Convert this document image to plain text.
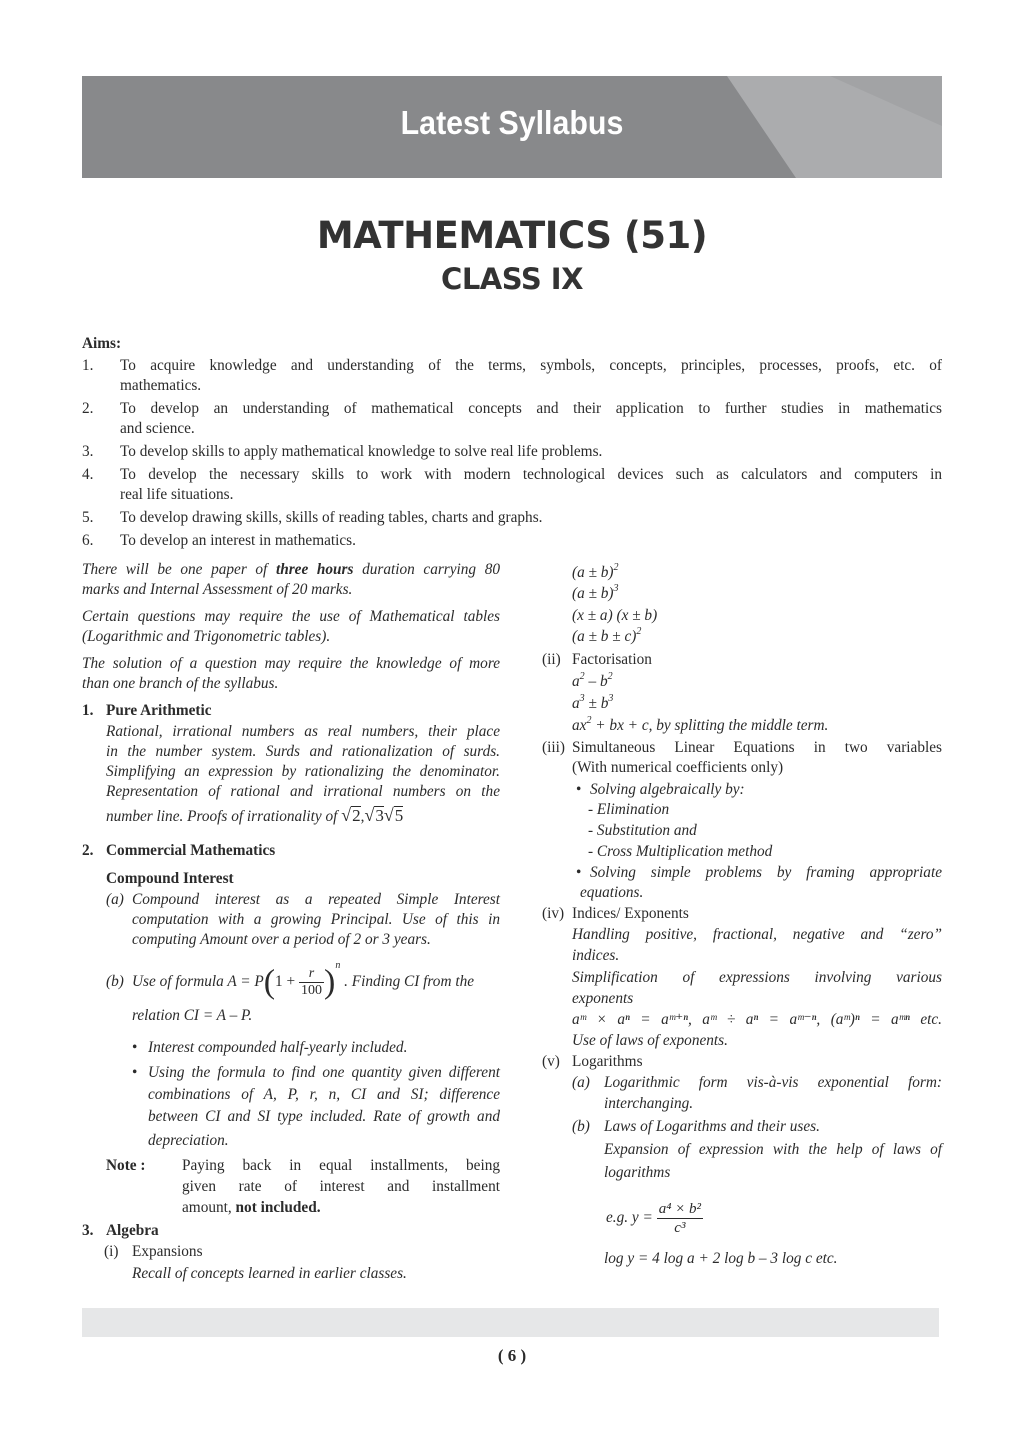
Latest Syllabus
MATHEMATICS (51)
CLASS IX
Aims:
1. To acquire knowledge and understanding of the terms, symbols, concepts, principles, processes, proofs, etc. of
mathematics.
2. To develop an understanding of mathematical concepts and their application to further studies in mathematics
and science.
3. To develop skills to apply mathematical knowledge to solve real life problems.
4. To develop the necessary skills to work with modern technological devices such as calculators and computers in
real life situations.
5. To develop drawing skills, skills of reading tables, charts and graphs.
6. To develop an interest in mathematics.
There will be one paper of three hours duration carrying 80
marks and Internal Assessment of 20 marks.
Certain questions may require the use of Mathematical tables
(Logarithmic and Trigonometric tables).
The solution of a question may require the knowledge of more
than one branch of the syllabus.
1. Pure Arithmetic
Rational, irrational numbers as real numbers, their place
in the number system. Surds and rationalization of surds.
Simplifying an expression by rationalizing the denominator.
Representation of rational and irrational numbers on the
number line. Proofs of irrationality of √2,√3√5
2. Commercial Mathematics
Compound Interest
(a) Compound interest as a repeated Simple Interest
computation with a growing Principal. Use of this in
computing Amount over a period of 2 or 3 years.
(b) Use of formula $A = P(1 + \frac{r}{100} )^n$ . Finding CI from the
relation CI = A – P.
• Interest compounded half-yearly included.
• Using the formula to find one quantity given different
combinations of A, P, r, n, CI and SI; difference
between CI and SI type included. Rate of growth and
depreciation.
Note : Paying back in equal installments, being
given rate of interest and installment
amount, not included.
3. Algebra
(i) Expansions
Recall of concepts learned in earlier classes.
$(a \pm b)^2$
$(a \pm b)^3$
(x ± a) (x ± b)
$(a \pm b \pm c)^2$
(ii) Factorisation
$a^2 - b^2$
$a^3 \pm b^3$
$ax^2$ + bx + c, by splitting the middle term.
(iii) Simultaneous Linear Equations in two variables
(With numerical coefficients only)
• Solving algebraically by:
- Elimination
- Substitution and
- Cross Multiplication method
• Solving simple problems by framing appropriate
equations.
(iv) Indices/ Exponents
Handling positive, fractional, negative and “zero”
indices.
Simplification of expressions involving various
exponents
aᵐ × aⁿ = aᵐ⁺ⁿ, aᵐ ÷ aⁿ = aᵐ⁻ⁿ, (aᵐ)ⁿ = aᵐⁿ etc.
Use of laws of exponents.
(v) Logarithms
(a) Logarithmic form vis-à-vis exponential form:
interchanging.
(b) Laws of Logarithms and their uses.
Expansion of expression with the help of laws of
logarithms
e.g. $y = \frac{\text{a⁴ × b²}}{\text{c³}}$
log y = 4 log a + 2 log b – 3 log c etc.
( 6 )
